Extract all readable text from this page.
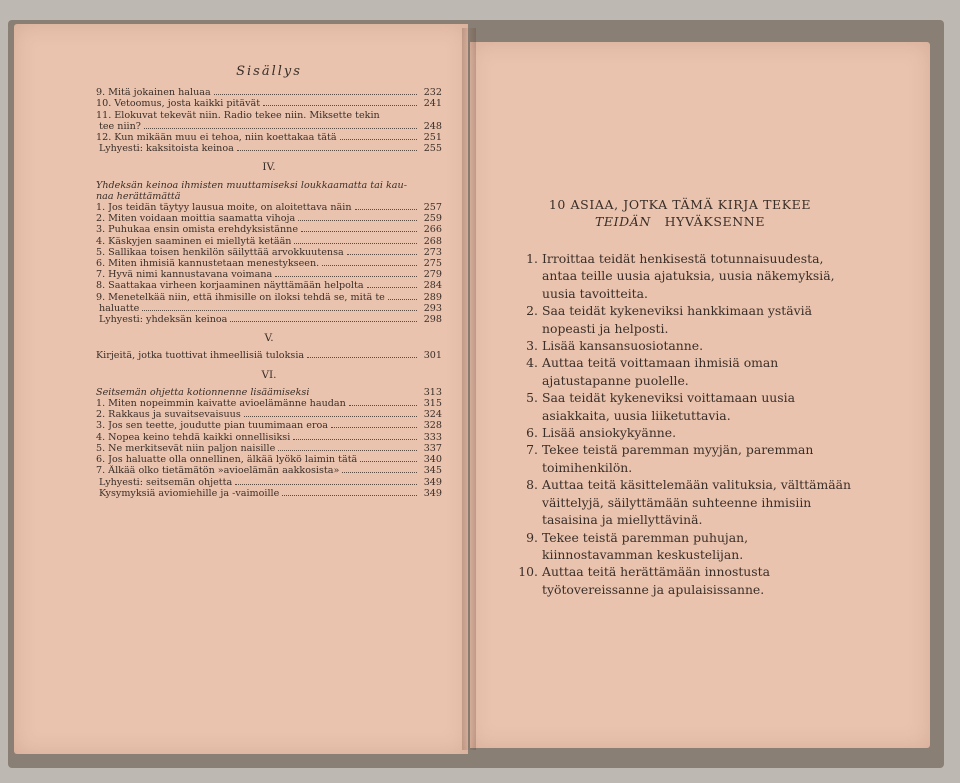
Sisällys
9. Mitä jokainen haluaa	232
10. Vetoomus, josta kaikki pitävät	241
11. Elokuvat tekevät niin. Radio tekee niin. Miksette tekin
tee niin?	248
12. Kun mikään muu ei tehoa, niin koettakaa tätä	251
Lyhyesti: kaksitoista keinoa	255
IV.
Yhdeksän keinoa ihmisten muuttamiseksi loukkaamatta tai kau-
naa herättämättä
1. Jos teidän täytyy lausua moite, on aloitettava näin	257
2. Miten voidaan moittia saamatta vihoja	259
3. Puhukaa ensin omista erehdyksistänne	266
4. Käskyjen saaminen ei miellytä ketään	268
5. Sallikaa toisen henkilön säilyttää arvokkuutensa	273
6. Miten ihmisiä kannustetaan menestykseen.	275
7. Hyvä nimi kannustavana voimana	279
8. Saattakaa virheen korjaaminen näyttämään helpolta	284
9. Menetelkää niin, että ihmisille on iloksi tehdä se, mitä te	289
haluatte	293
Lyhyesti: yhdeksän keinoa	298
V.
Kirjeitä, jotka tuottivat ihmeellisiä tuloksia	301
VI.
Seitsemän ohjetta kotionnenne lisäämiseksi	313
1. Miten nopeimmin kaivatte avioelämänne haudan	315
2. Rakkaus ja suvaitsevaisuus	324
3. Jos sen teette, joudutte pian tuumimaan eroa	328
4. Nopea keino tehdä kaikki onnellisiksi	333
5. Ne merkitsevät niin paljon naisille	337
6. Jos haluatte olla onnellinen, älkää lyökö laimin tätä	340
7. Älkää olko tietämätön »avioelämän aakkosista»	345
Lyhyesti: seitsemän ohjetta	349
Kysymyksiä aviomiehille ja -vaimoille	349
10 ASIAA, JOTKA TÄMÄ KIRJA TEKEE
TEIDÄN HYVÄKSENNE
1. Irroittaa teidät henkisestä totunnaisuudesta, antaa teille uusia ajatuksia, uusia näkemyksiä, uusia tavoitteita.
2. Saa teidät kykeneviksi hankkimaan ystäviä nopeasti ja helposti.
3. Lisää kansansuosiotanne.
4. Auttaa teitä voittamaan ihmisiä oman ajatustapanne puolelle.
5. Saa teidät kykeneviksi voittamaan uusia asiakkaita, uusia liiketuttavia.
6. Lisää ansiokykyänne.
7. Tekee teistä paremman myyjän, paremman toimihenkilön.
8. Auttaa teitä käsittelemään valituksia, välttämään väittelyjä, säilyttämään suhteenne ihmisiin tasaisina ja miellyttävinä.
9. Tekee teistä paremman puhujan, kiinnostavamman keskustelijan.
10. Auttaa teitä herättämään innostusta työtovereissanne ja apulaisissanne.
